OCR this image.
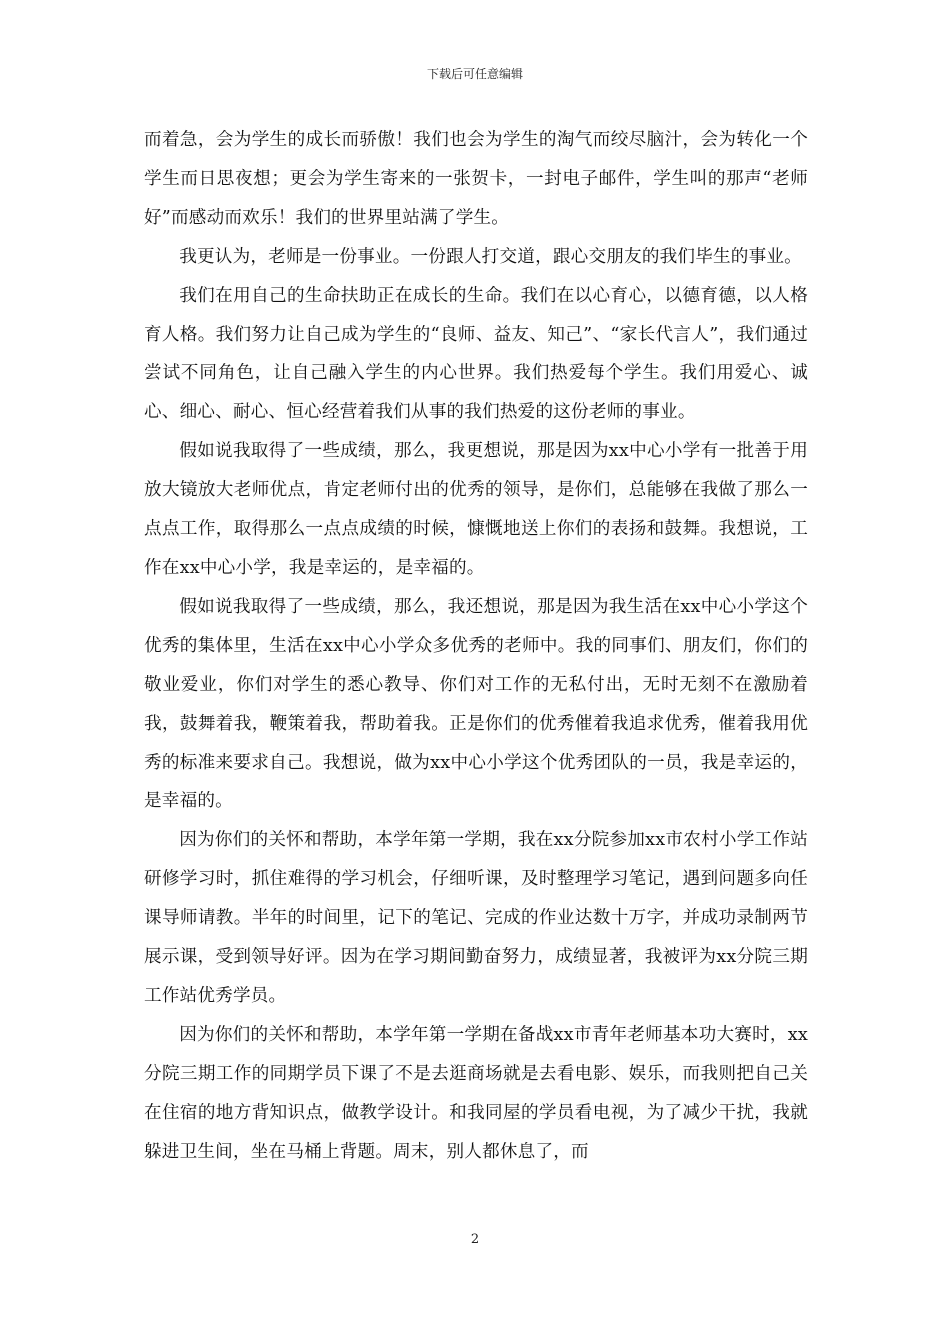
下载后可任意编辑

而着急，会为学生的成长而骄傲！我们也会为学生的淘气而绞尽脑汁，会为转化一个学生而日思夜想；更会为学生寄来的一张贺卡，一封电子邮件，学生叫的那声“老师好”而感动而欢乐！我们的世界里站满了学生。

我更认为，老师是一份事业。一份跟人打交道，跟心交朋友的我们毕生的事业。

我们在用自己的生命扶助正在成长的生命。我们在以心育心，以德育德，以人格育人格。我们努力让自己成为学生的“良师、益友、知己”、“家长代言人”，我们通过尝试不同角色，让自己融入学生的内心世界。我们热爱每个学生。我们用爱心、诚心、细心、耐心、恒心经营着我们从事的我们热爱的这份老师的事业。

假如说我取得了一些成绩，那么，我更想说，那是因为xx中心小学有一批善于用放大镜放大老师优点，肯定老师付出的优秀的领导，是你们，总能够在我做了那么一点点工作，取得那么一点点成绩的时候，慷慨地送上你们的表扬和鼓舞。我想说，工作在xx中心小学，我是幸运的，是幸福的。

假如说我取得了一些成绩，那么，我还想说，那是因为我生活在xx中心小学这个优秀的集体里，生活在xx中心小学众多优秀的老师中。我的同事们、朋友们，你们的敬业爱业，你们对学生的悉心教导、你们对工作的无私付出，无时无刻不在激励着我，鼓舞着我，鞭策着我，帮助着我。正是你们的优秀催着我追求优秀，催着我用优秀的标准来要求自己。我想说，做为xx中心小学这个优秀团队的一员，我是幸运的，是幸福的。

因为你们的关怀和帮助，本学年第一学期，我在xx分院参加xx市农村小学工作站研修学习时，抓住难得的学习机会，仔细听课，及时整理学习笔记，遇到问题多向任课导师请教。半年的时间里，记下的笔记、完成的作业达数十万字，并成功录制两节展示课，受到领导好评。因为在学习期间勤奋努力，成绩显著，我被评为xx分院三期工作站优秀学员。

因为你们的关怀和帮助，本学年第一学期在备战xx市青年老师基本功大赛时，xx分院三期工作的同期学员下课了不是去逛商场就是去看电影、娱乐，而我则把自己关在住宿的地方背知识点，做教学设计。和我同屋的学员看电视，为了减少干扰，我就躲进卫生间，坐在马桶上背题。周末，别人都休息了，而

2
